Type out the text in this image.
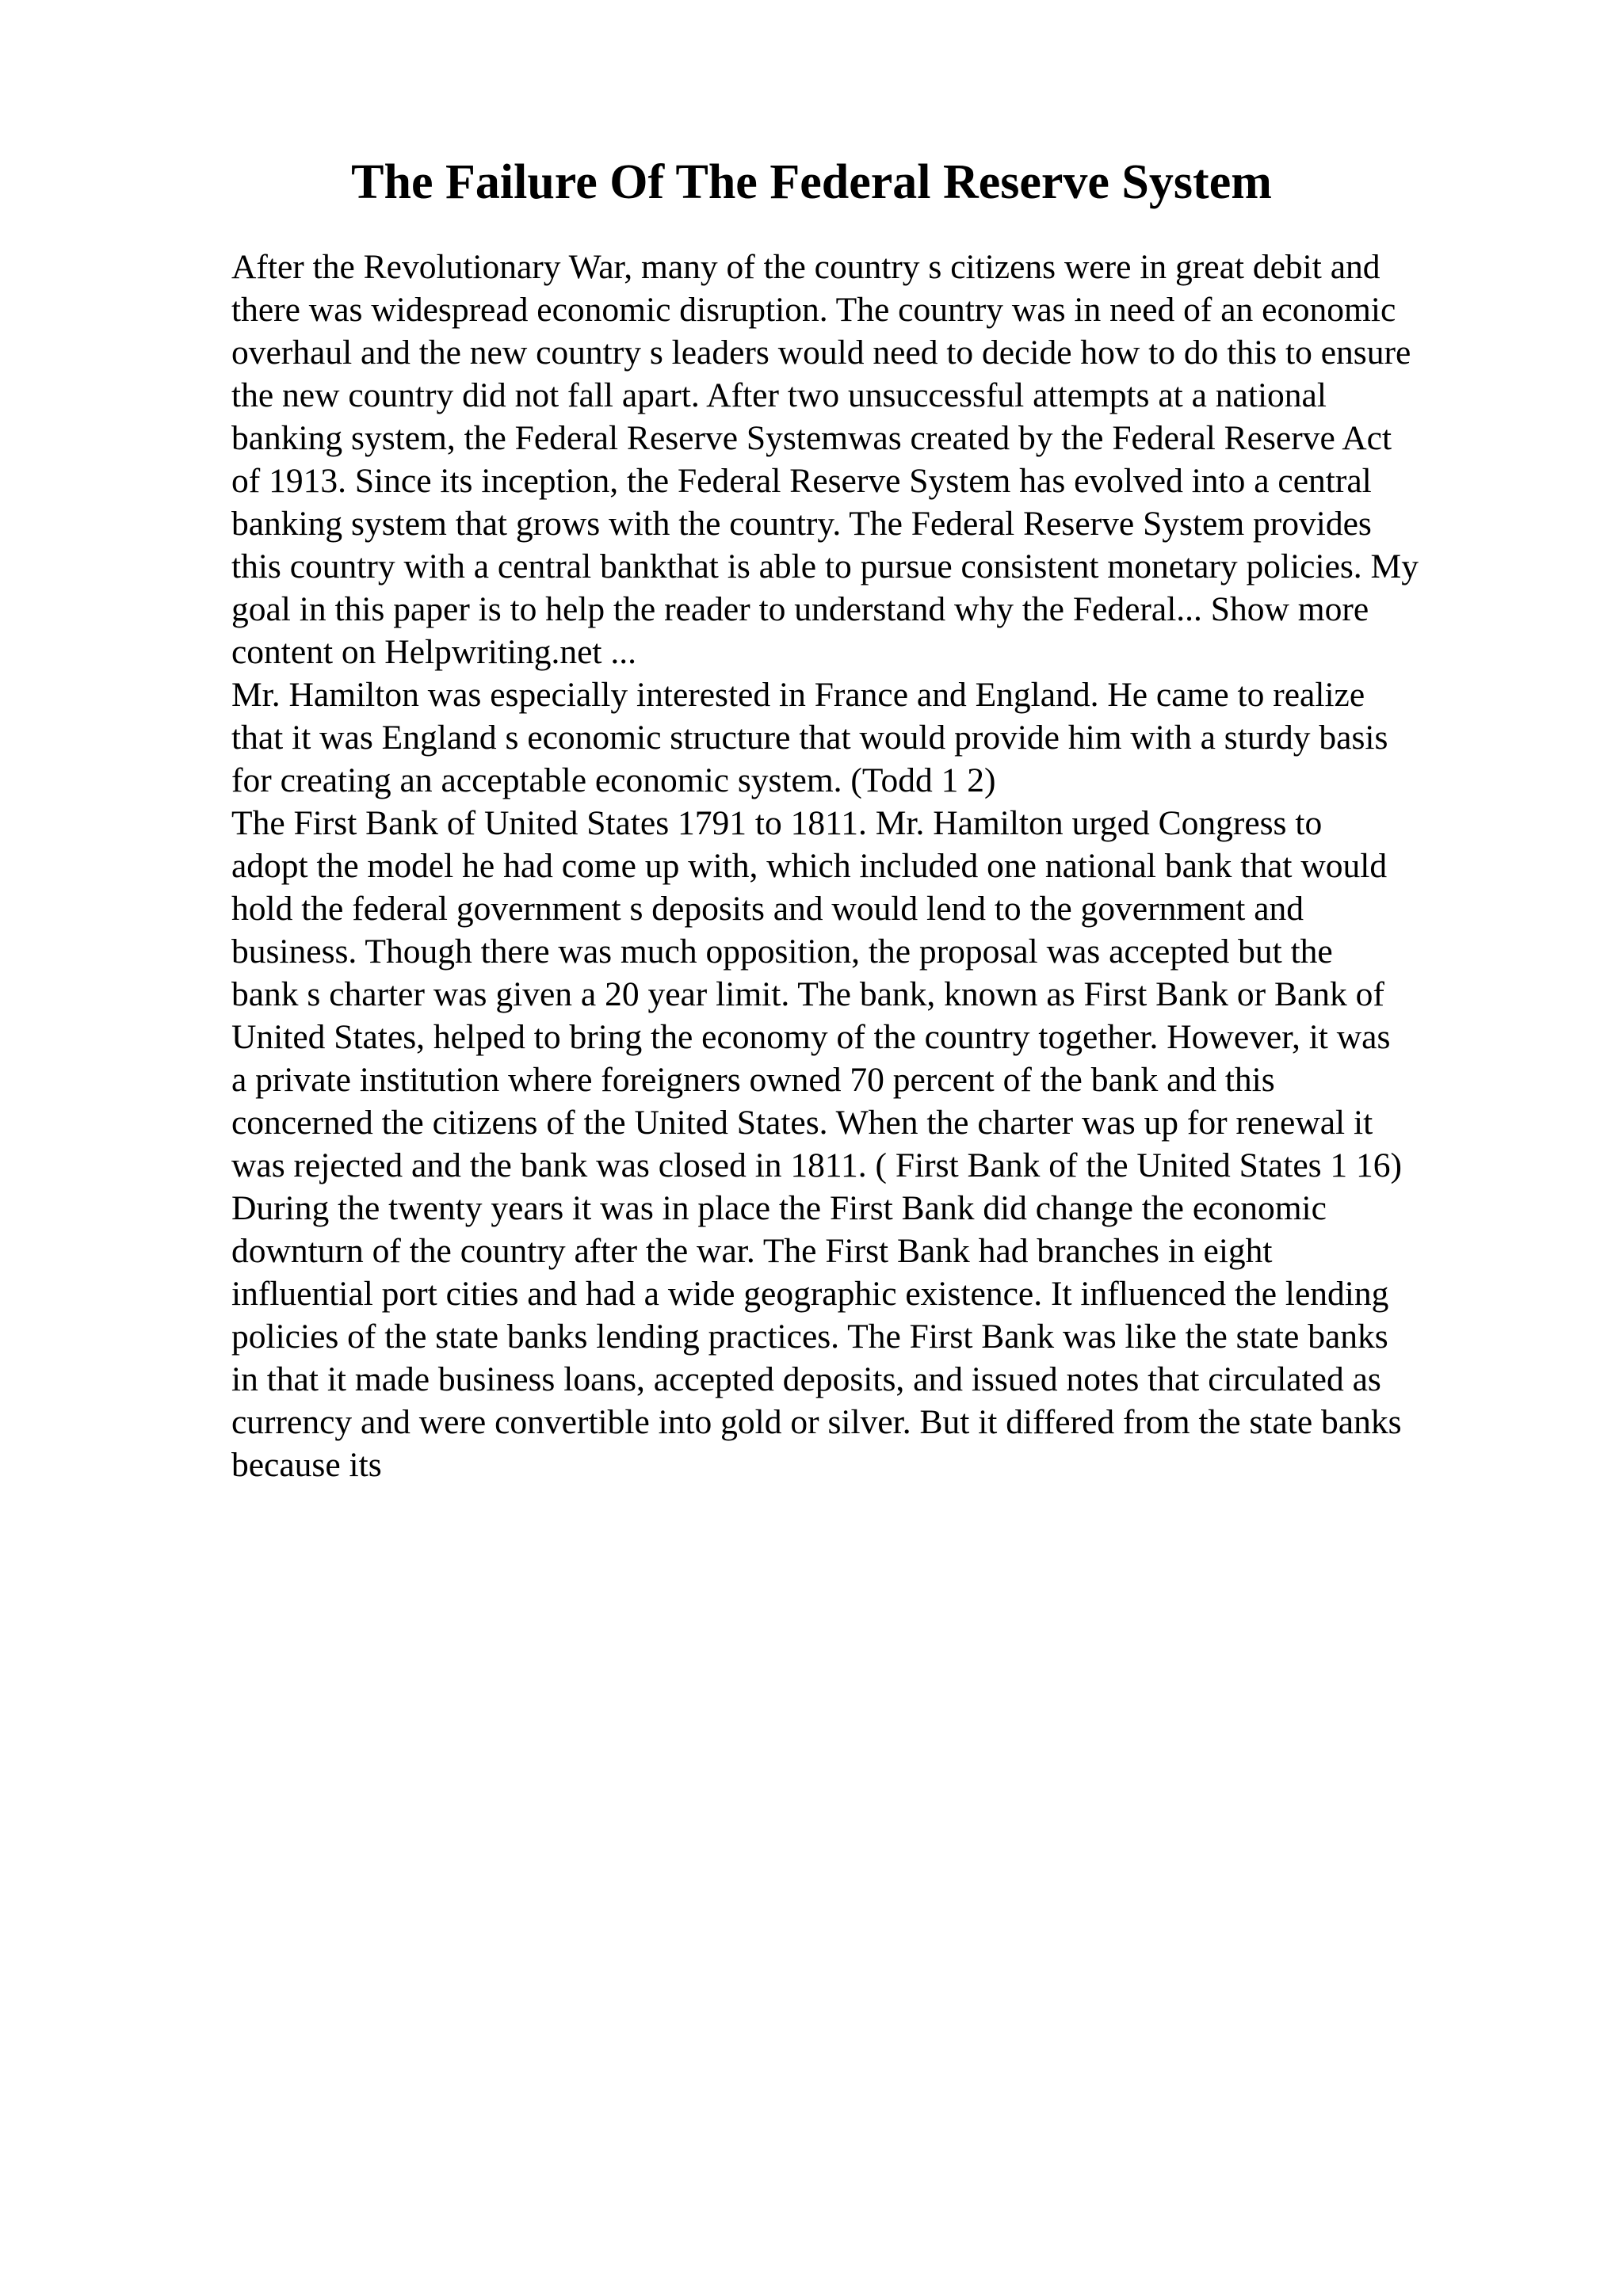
The Failure Of The Federal Reserve System
After the Revolutionary War, many of the country s citizens were in great debit and
there was widespread economic disruption. The country was in need of an economic
overhaul and the new country s leaders would need to decide how to do this to ensure
the new country did not fall apart. After two unsuccessful attempts at a national
banking system, the Federal Reserve Systemwas created by the Federal Reserve Act
of 1913. Since its inception, the Federal Reserve System has evolved into a central
banking system that grows with the country. The Federal Reserve System provides
this country with a central bankthat is able to pursue consistent monetary policies. My
goal in this paper is to help the reader to understand why the Federal... Show more
content on Helpwriting.net ...
Mr. Hamilton was especially interested in France and England. He came to realize
that it was England s economic structure that would provide him with a sturdy basis
for creating an acceptable economic system. (Todd 1 2)
The First Bank of United States 1791 to 1811. Mr. Hamilton urged Congress to
adopt the model he had come up with, which included one national bank that would
hold the federal government s deposits and would lend to the government and
business. Though there was much opposition, the proposal was accepted but the
bank s charter was given a 20 year limit. The bank, known as First Bank or Bank of
United States, helped to bring the economy of the country together. However, it was
a private institution where foreigners owned 70 percent of the bank and this
concerned the citizens of the United States. When the charter was up for renewal it
was rejected and the bank was closed in 1811. ( First Bank of the United States 1 16)
During the twenty years it was in place the First Bank did change the economic
downturn of the country after the war. The First Bank had branches in eight
influential port cities and had a wide geographic existence. It influenced the lending
policies of the state banks lending practices. The First Bank was like the state banks
in that it made business loans, accepted deposits, and issued notes that circulated as
currency and were convertible into gold or silver. But it differed from the state banks
because its
